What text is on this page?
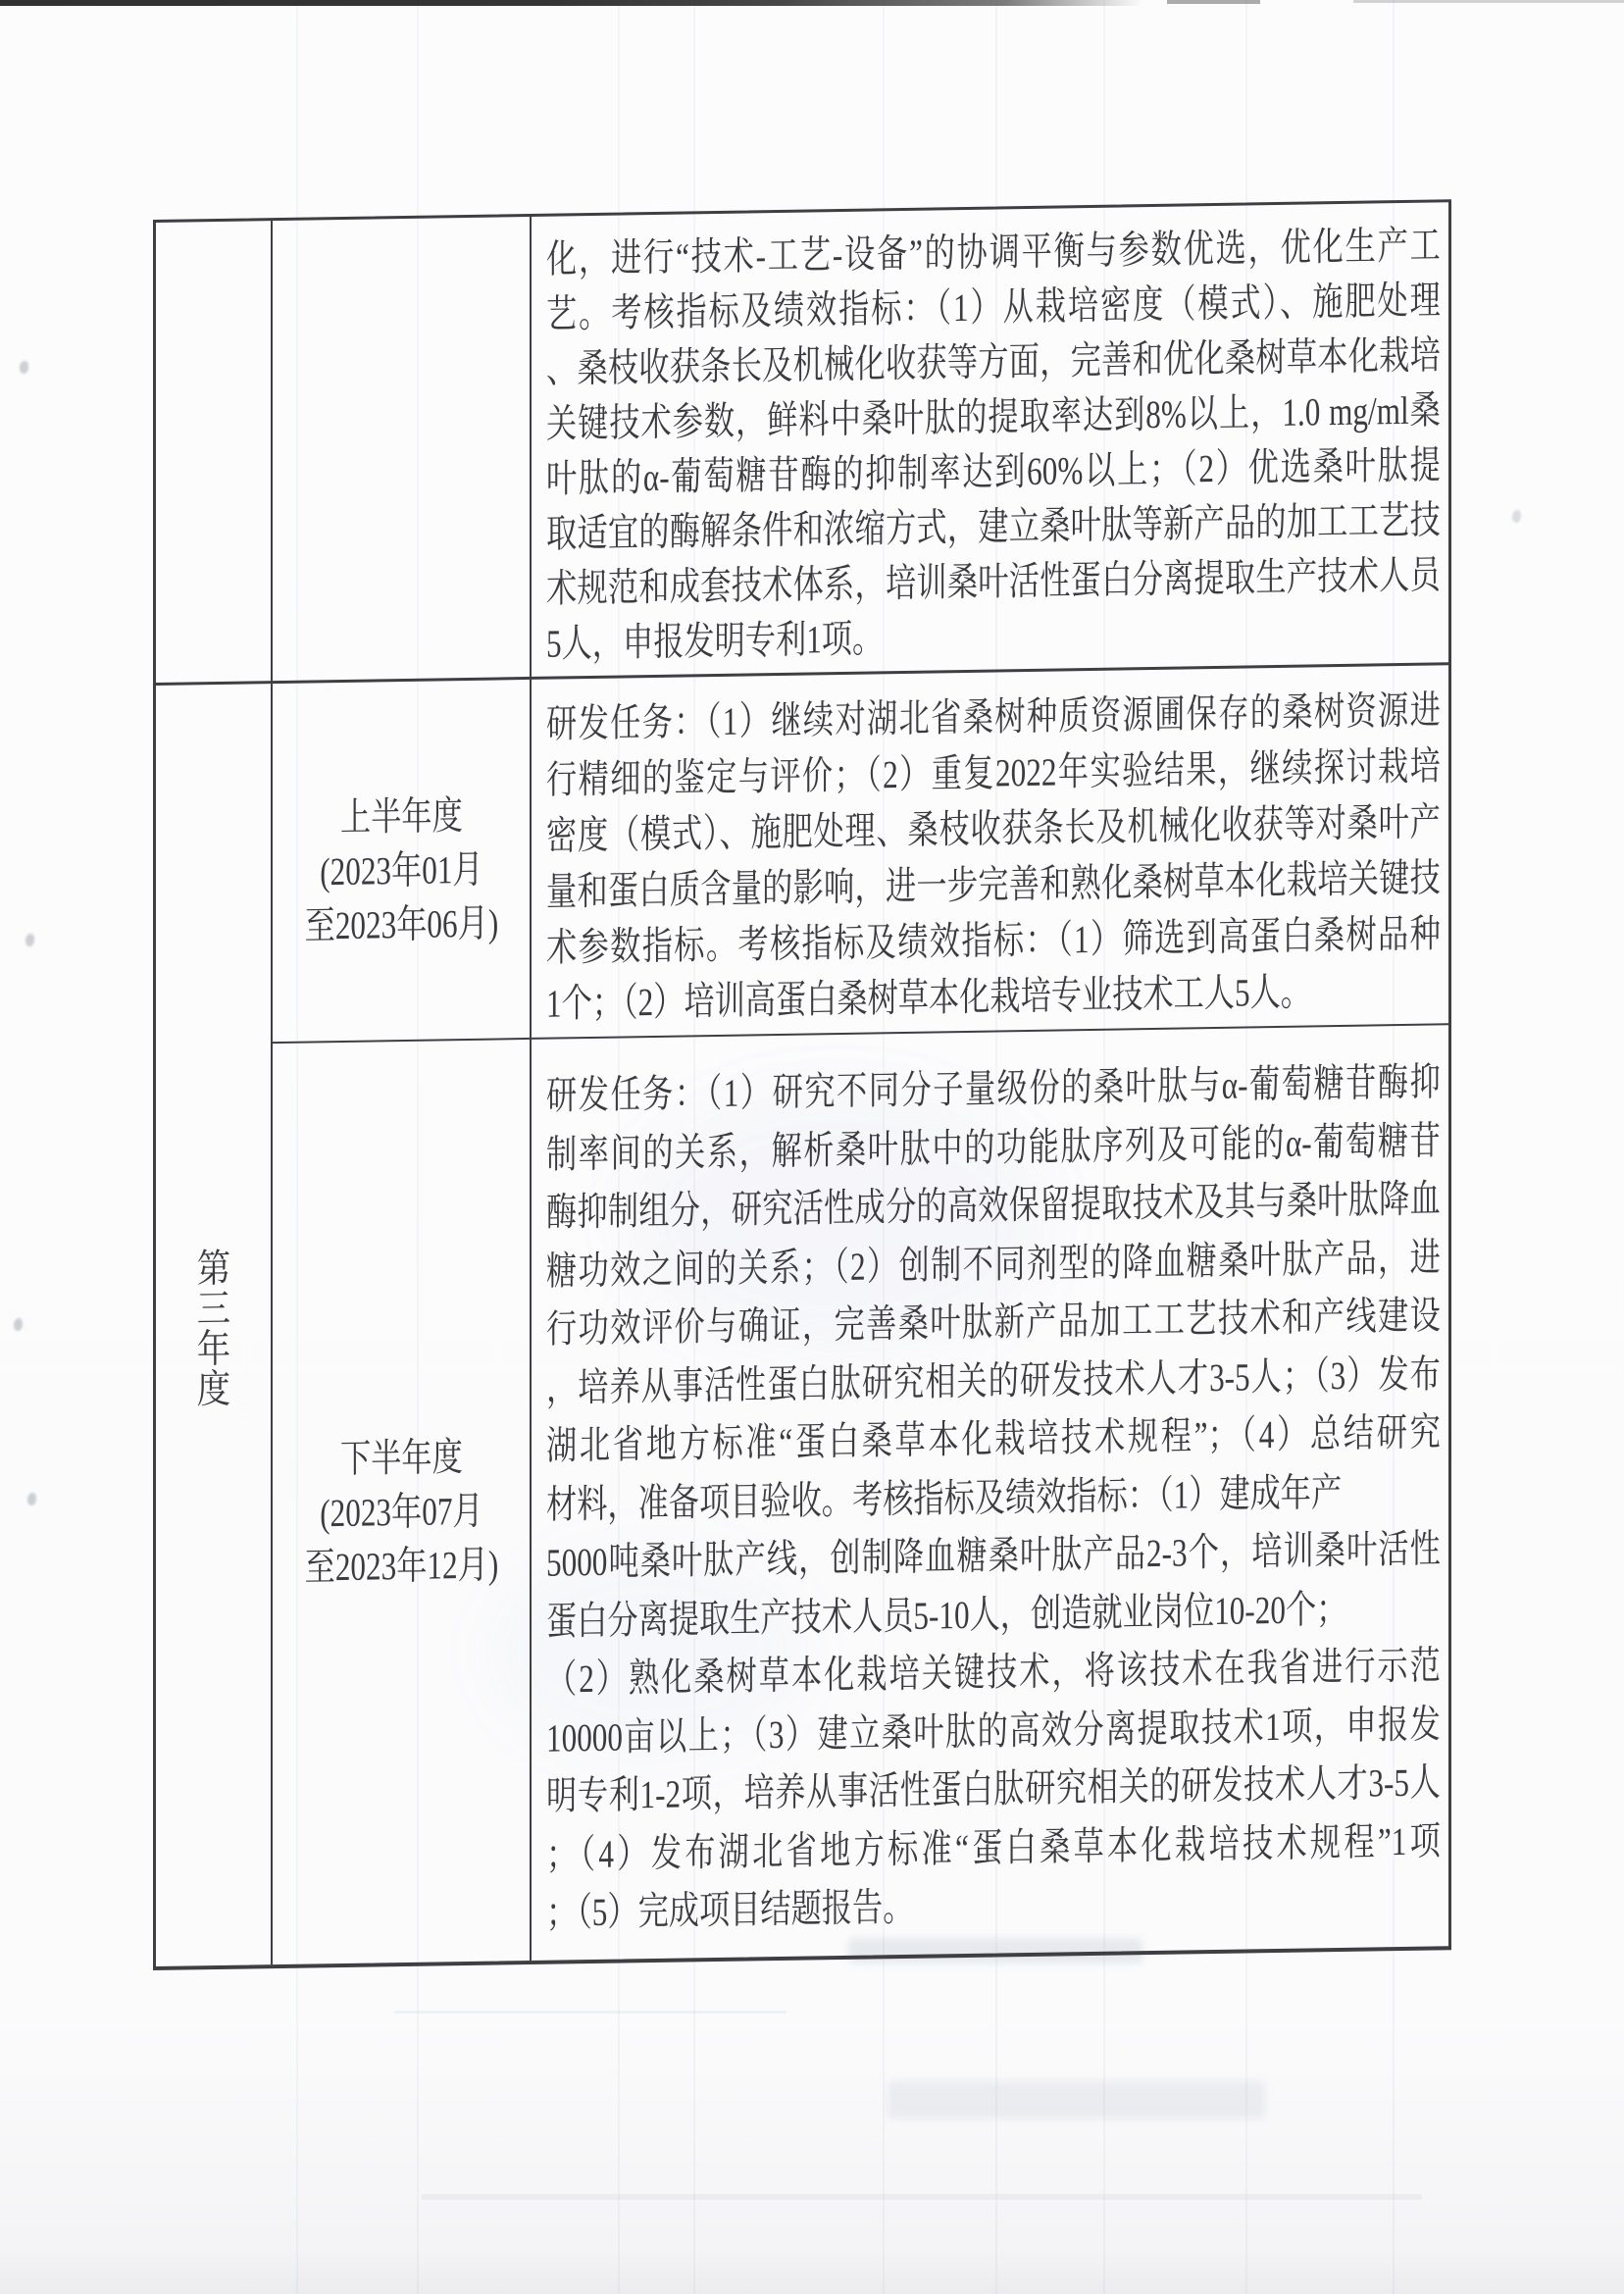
化，进行“技术-工艺-设备”的协调平衡与参数优选，优化生产工
艺。考核指标及绩效指标：（1）从栽培密度（模式）、施肥处理
、桑枝收获条长及机械化收获等方面，完善和优化桑树草本化栽培
关键技术参数，鲜料中桑叶肽的提取率达到8%以上，1.0 mg/ml桑
叶肽的α-葡萄糖苷酶的抑制率达到60%以上；（2）优选桑叶肽提
取适宜的酶解条件和浓缩方式，建立桑叶肽等新产品的加工工艺技
术规范和成套技术体系，培训桑叶活性蛋白分离提取生产技术人员
5人，申报发明专利1项。
第
三
年
度
上半年度
(2023年01月
至2023年06月)
研发任务：（1）继续对湖北省桑树种质资源圃保存的桑树资源进
行精细的鉴定与评价；（2）重复2022年实验结果，继续探讨栽培
密度（模式）、施肥处理、桑枝收获条长及机械化收获等对桑叶产
量和蛋白质含量的影响，进一步完善和熟化桑树草本化栽培关键技
术参数指标。考核指标及绩效指标：（1）筛选到高蛋白桑树品种
1个；（2）培训高蛋白桑树草本化栽培专业技术工人5人。
下半年度
(2023年07月
至2023年12月)
研发任务：（1）研究不同分子量级份的桑叶肽与α-葡萄糖苷酶抑
制率间的关系，解析桑叶肽中的功能肽序列及可能的α-葡萄糖苷
酶抑制组分，研究活性成分的高效保留提取技术及其与桑叶肽降血
糖功效之间的关系；（2）创制不同剂型的降血糖桑叶肽产品，进
行功效评价与确证，完善桑叶肽新产品加工工艺技术和产线建设
，培养从事活性蛋白肽研究相关的研发技术人才3-5人；（3）发布
湖北省地方标准“蛋白桑草本化栽培技术规程”；（4）总结研究
材料，准备项目验收。考核指标及绩效指标：（1）建成年产
5000吨桑叶肽产线，创制降血糖桑叶肽产品2-3个，培训桑叶活性
蛋白分离提取生产技术人员5-10人，创造就业岗位10-20个；
（2）熟化桑树草本化栽培关键技术，将该技术在我省进行示范
10000亩以上；（3）建立桑叶肽的高效分离提取技术1项，申报发
明专利1-2项，培养从事活性蛋白肽研究相关的研发技术人才3-5人
；（4）发布湖北省地方标准“蛋白桑草本化栽培技术规程”1项
；（5）完成项目结题报告。
